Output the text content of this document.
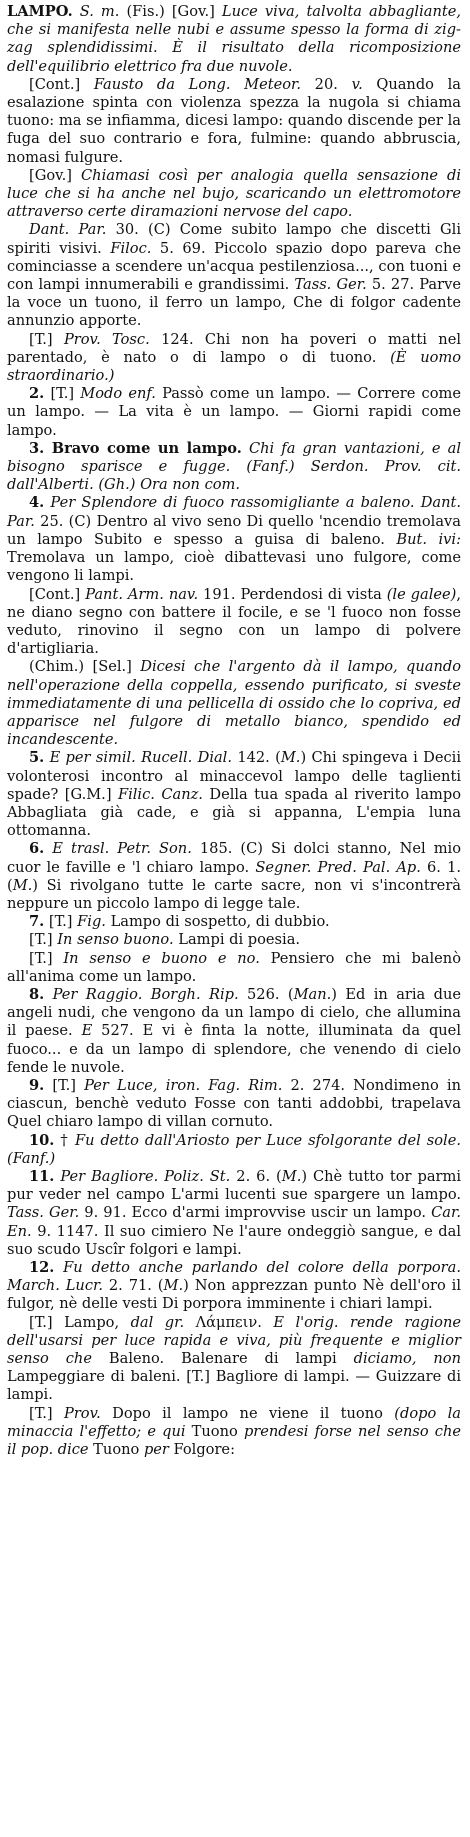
LAMPO. S. m. (Fis.) [Gov.] Luce viva, talvolta abbagliante, che si manifesta nelle nubi e assume spesso la forma di zig-zag splendidissimi. È il risultato della ricomposizione dell'equilibrio elettrico fra due nuvole.

[Cont.] Fausto da Long. Meteor. 20. v. Quando la esalazione spinta con violenza spezza la nugola si chiama tuono: ma se infiamma, dicesi lampo: quando discende per la fuga del suo contrario e fora, fulmine: quando abbruscia, nomasi fulgure.

[Gov.] Chiamasi così per analogia quella sensazione di luce che si ha anche nel bujo, scaricando un elettromotore attraverso certe diramazioni nervose del capo.

Dant. Par. 30. (C) Come subito lampo che discetti Gli spiriti visivi. Filoc. 5. 69. Piccolo spazio dopo pareva che cominciasse a scendere un'acqua pestilenziosa..., con tuoni e con lampi innumerabili e grandissimi. Tass. Ger. 5. 27. Parve la voce un tuono, il ferro un lampo, Che di folgor cadente annunzio apporte.

[T.] Prov. Tosc. 124. Chi non ha poveri o matti nel parentado, è nato o di lampo o di tuono. (È uomo straordinario.)

2. [T.] Modo enf. Passò come un lampo. — Correre come un lampo. — La vita è un lampo. — Giorni rapidi come lampo.

3. Bravo come un lampo. Chi fa gran vantazioni, e al bisogno sparisce e fugge. (Fanf.) Serdon. Prov. cit. dall'Alberti. (Gh.) Ora non com.

4. Per Splendore di fuoco rassomigliante a baleno. Dant. Par. 25. (C) Dentro al vivo seno Di quello 'ncendio tremolava un lampo Subito e spesso a guisa di baleno. But. ivi: Tremolava un lampo, cioè dibattevasi uno fulgore, come vengono li lampi.

[Cont.] Pant. Arm. nav. 191. Perdendosi di vista (le galee), ne diano segno con battere il focile, e se 'l fuoco non fosse veduto, rinovino il segno con un lampo di polvere d'artigliaria.

(Chim.) [Sel.] Dicesi che l'argento dà il lampo, quando nell'operazione della coppella, essendo purificato, si sveste immediatamente di una pellicella di ossido che lo copriva, ed apparisce nel fulgore di metallo bianco, spendido ed incandescente.

5. E per simil. Rucell. Dial. 142. (M.) Chi spingeva i Decii volonterosi incontro al minaccevol lampo delle taglienti spade? [G.M.] Filic. Canz. Della tua spada al riverito lampo Abbagliata già cade, e già si appanna, L'empia luna ottomanna.

6. E trasl. Petr. Son. 185. (C) Si dolci stanno, Nel mio cuor le faville e 'l chiaro lampo. Segner. Pred. Pal. Ap. 6. 1. (M.) Si rivolgano tutte le carte sacre, non vi s'incontrerà neppure un piccolo lampo di legge tale.

7. [T.] Fig. Lampo di sospetto, di dubbio.

[T.] In senso buono. Lampi di poesia.

[T.] In senso e buono e no. Pensiero che mi balenò all'anima come un lampo.

8. Per Raggio. Borgh. Rip. 526. (Man.) Ed in aria due angeli nudi, che vengono da un lampo di cielo, che allumina il paese. E 527. E vi è finta la notte, illuminata da quel fuoco... e da un lampo di splendore, che venendo di cielo fende le nuvole.

9. [T.] Per Luce, iron. Fag. Rim. 2. 274. Nondimeno in ciascun, benchè veduto Fosse con tanti addobbi, trapelava Quel chiaro lampo di villan cornuto.

10. † Fu detto dall'Ariosto per Luce sfolgorante del sole. (Fanf.)

11. Per Bagliore. Poliz. St. 2. 6. (M.) Chè tutto tor parmi pur veder nel campo L'armi lucenti sue spargere un lampo. Tass. Ger. 9. 91. Ecco d'armi improvvise uscir un lampo. Car. En. 9. 1147. Il suo cimiero Ne l'aure ondeggiò sangue, e dal suo scudo Uscîr folgori e lampi.

12. Fu detto anche parlando del colore della porpora. March. Lucr. 2. 71. (M.) Non apprezzan punto Nè dell'oro il fulgor, nè delle vesti Di porpora imminente i chiari lampi.

[T.] Lampo, dal gr. Λάμπειν. E l'orig. rende ragione dell'usarsi per luce rapida e viva, più frequente e miglior senso che Baleno. Balenare di lampi diciamo, non Lampeggiare di baleni. [T.] Bagliore di lampi. — Guizzare di lampi.

[T.] Prov. Dopo il lampo ne viene il tuono (dopo la minaccia l'effetto; e qui Tuono prendesi forse nel senso che il pop. dice Tuono per Folgore:
